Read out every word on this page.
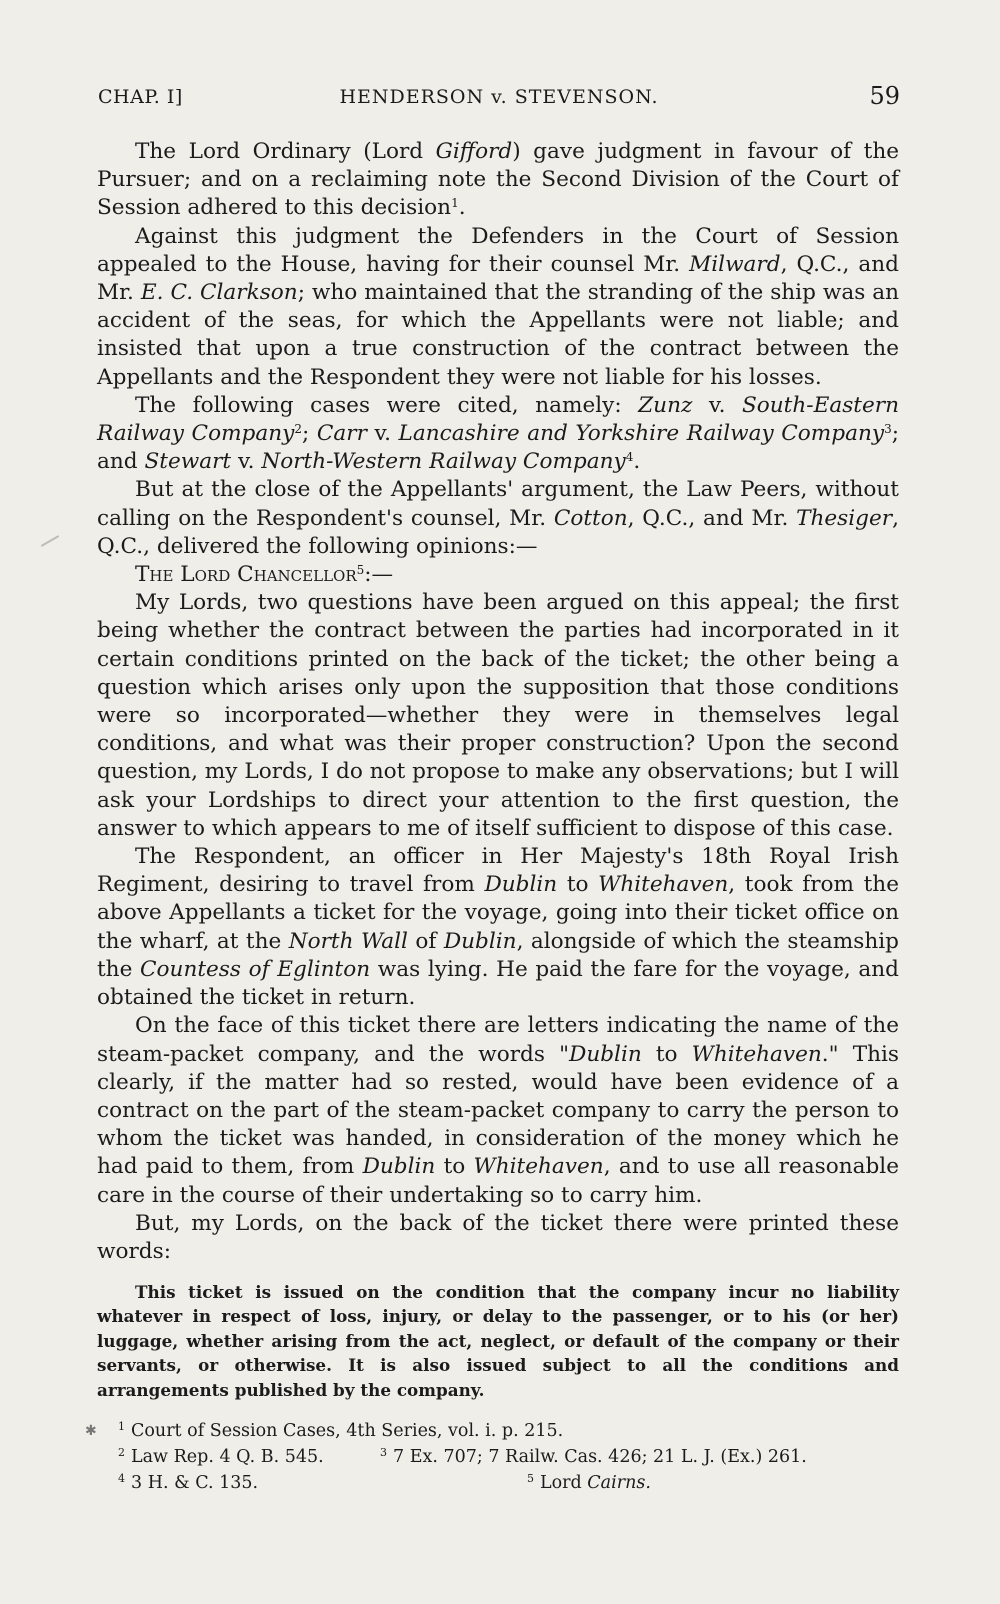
CHAP. I]	HENDERSON v. STEVENSON.	59

The Lord Ordinary (Lord Gifford) gave judgment in favour of the Pursuer; and on a reclaiming note the Second Division of the Court of Session adhered to this decision$^1$.

Against this judgment the Defenders in the Court of Session appealed to the House, having for their counsel Mr. Milward, Q.C., and Mr. E. C. Clarkson; who maintained that the stranding of the ship was an accident of the seas, for which the Appellants were not liable; and insisted that upon a true construction of the contract between the Appellants and the Respondent they were not liable for his losses.

The following cases were cited, namely: Zunz v. South-Eastern Railway Company$^2$; Carr v. Lancashire and Yorkshire Railway Company$^3$; and Stewart v. North-Western Railway Company$^4$.

But at the close of the Appellants' argument, the Law Peers, without calling on the Respondent's counsel, Mr. Cotton, Q.C., and Mr. Thesiger, Q.C., delivered the following opinions:—

The Lord Chancellor$^5$:—

My Lords, two questions have been argued on this appeal; the first being whether the contract between the parties had incorporated in it certain conditions printed on the back of the ticket; the other being a question which arises only upon the supposition that those conditions were so incorporated—whether they were in themselves legal conditions, and what was their proper construction? Upon the second question, my Lords, I do not propose to make any observations; but I will ask your Lordships to direct your attention to the first question, the answer to which appears to me of itself sufficient to dispose of this case.

The Respondent, an officer in Her Majesty's 18th Royal Irish Regiment, desiring to travel from Dublin to Whitehaven, took from the above Appellants a ticket for the voyage, going into their ticket office on the wharf, at the North Wall of Dublin, alongside of which the steamship the Countess of Eglinton was lying. He paid the fare for the voyage, and obtained the ticket in return.

On the face of this ticket there are letters indicating the name of the steam-packet company, and the words "Dublin to Whitehaven." This clearly, if the matter had so rested, would have been evidence of a contract on the part of the steam-packet company to carry the person to whom the ticket was handed, in consideration of the money which he had paid to them, from Dublin to Whitehaven, and to use all reasonable care in the course of their undertaking so to carry him.

But, my Lords, on the back of the ticket there were printed these words:

This ticket is issued on the condition that the company incur no liability whatever in respect of loss, injury, or delay to the passenger, or to his (or her) luggage, whether arising from the act, neglect, or default of the company or their servants, or otherwise. It is also issued subject to all the conditions and arrangements published by the company.
✱ $^1$ Court of Session Cases, 4th Series, vol. i. p. 215.
$^2$ Law Rep. 4 Q. B. 545.	$^3$ 7 Ex. 707; 7 Railw. Cas. 426; 21 L. J. (Ex.) 261.
$^4$ 3 H. & C. 135.	$^5$ Lord Cairns.
